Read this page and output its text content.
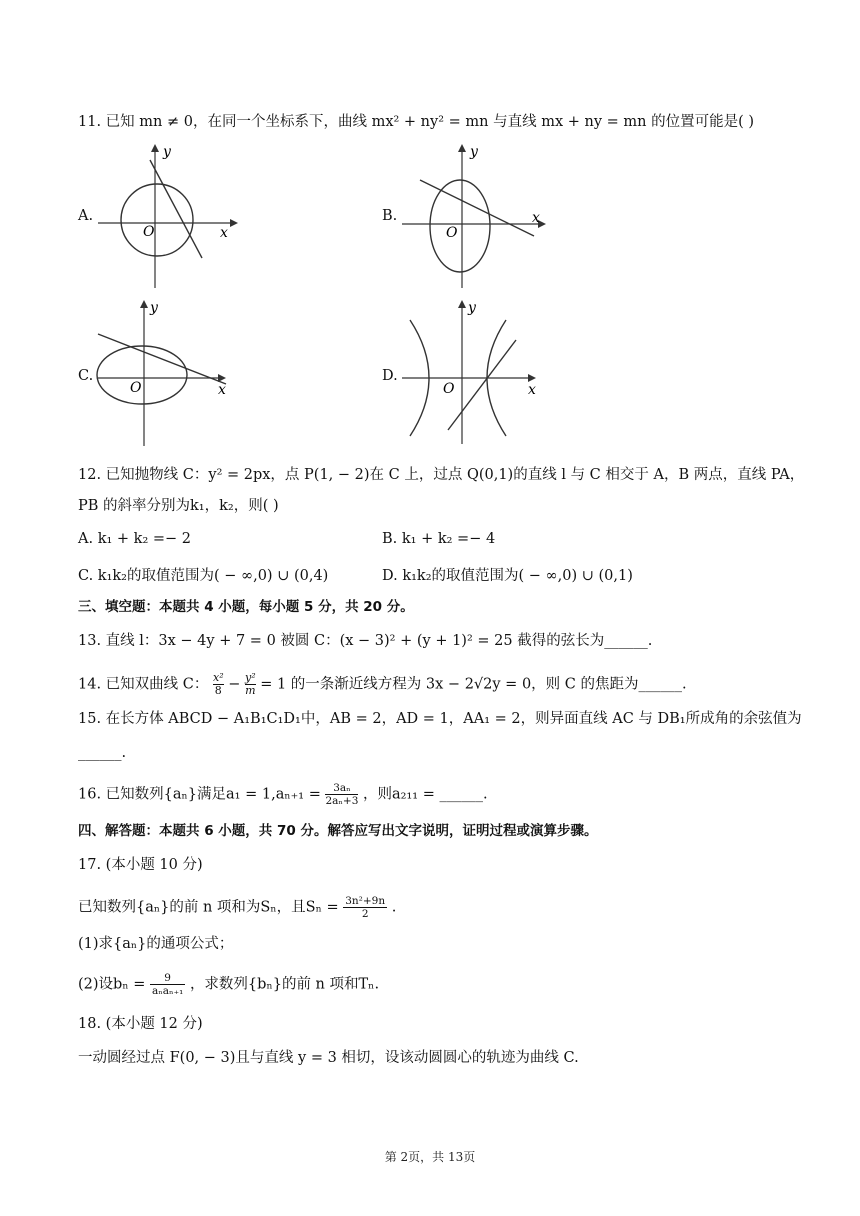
11. 已知 mn ≠ 0，在同一个坐标系下，曲线 mx² + ny² = mn 与直线 mx + ny = mn 的位置可能是( )
A.
y
x
O
B.
y
x
O
C.
y
x
O
D.
y
x
O
12. 已知抛物线 C：y² = 2px，点 P(1, − 2)在 C 上，过点 Q(0,1)的直线 l 与 C 相交于 A，B 两点，直线 PA，
PB 的斜率分别为k₁，k₂，则( )
A. k₁ + k₂ =− 2	B. k₁ + k₂ =− 4
C. k₁k₂的取值范围为( − ∞,0) ∪ (0,4)	D. k₁k₂的取值范围为( − ∞,0) ∪ (0,1)
三、填空题：本题共 4 小题，每小题 5 分，共 20 分。
13. 直线 l：3x − 4y + 7 = 0 被圆 C：(x − 3)² + (y + 1)² = 25 截得的弦长为______.
14. 已知双曲线 C： $\frac{\text{x²}}{8} - \frac{\text{y²}}{m} = 1$ 的一条渐近线方程为 3x − 2√2y = 0，则 C 的焦距为______.
15. 在长方体 ABCD − A₁B₁C₁D₁中，AB = 2，AD = 1，AA₁ = 2，则异面直线 AC 与 DB₁所成角的余弦值为
______.
16. 已知数列{aₙ}满足$a_1 = 1,a_{n+1} = \frac{\text{3aₙ}}{\text{2aₙ+3}}$ ，则a₂₁₁ = ______.
四、解答题：本题共 6 小题，共 70 分。解答应写出文字说明，证明过程或演算步骤。
17. (本小题 10 分)
已知数列{aₙ}的前 n 项和为Sₙ，且$S_n = \frac{\text{3n²+9n}}{2}$ .
(1)求{aₙ}的通项公式；
(2)设bₙ =	9
aₙaₙ₊₁ ，求数列{bₙ}的前 n 项和Tₙ.
18. (本小题 12 分)
一动圆经过点 F(0, − 3)且与直线 y = 3 相切，设该动圆圆心的轨迹为曲线 C.
第 2页，共 13页
